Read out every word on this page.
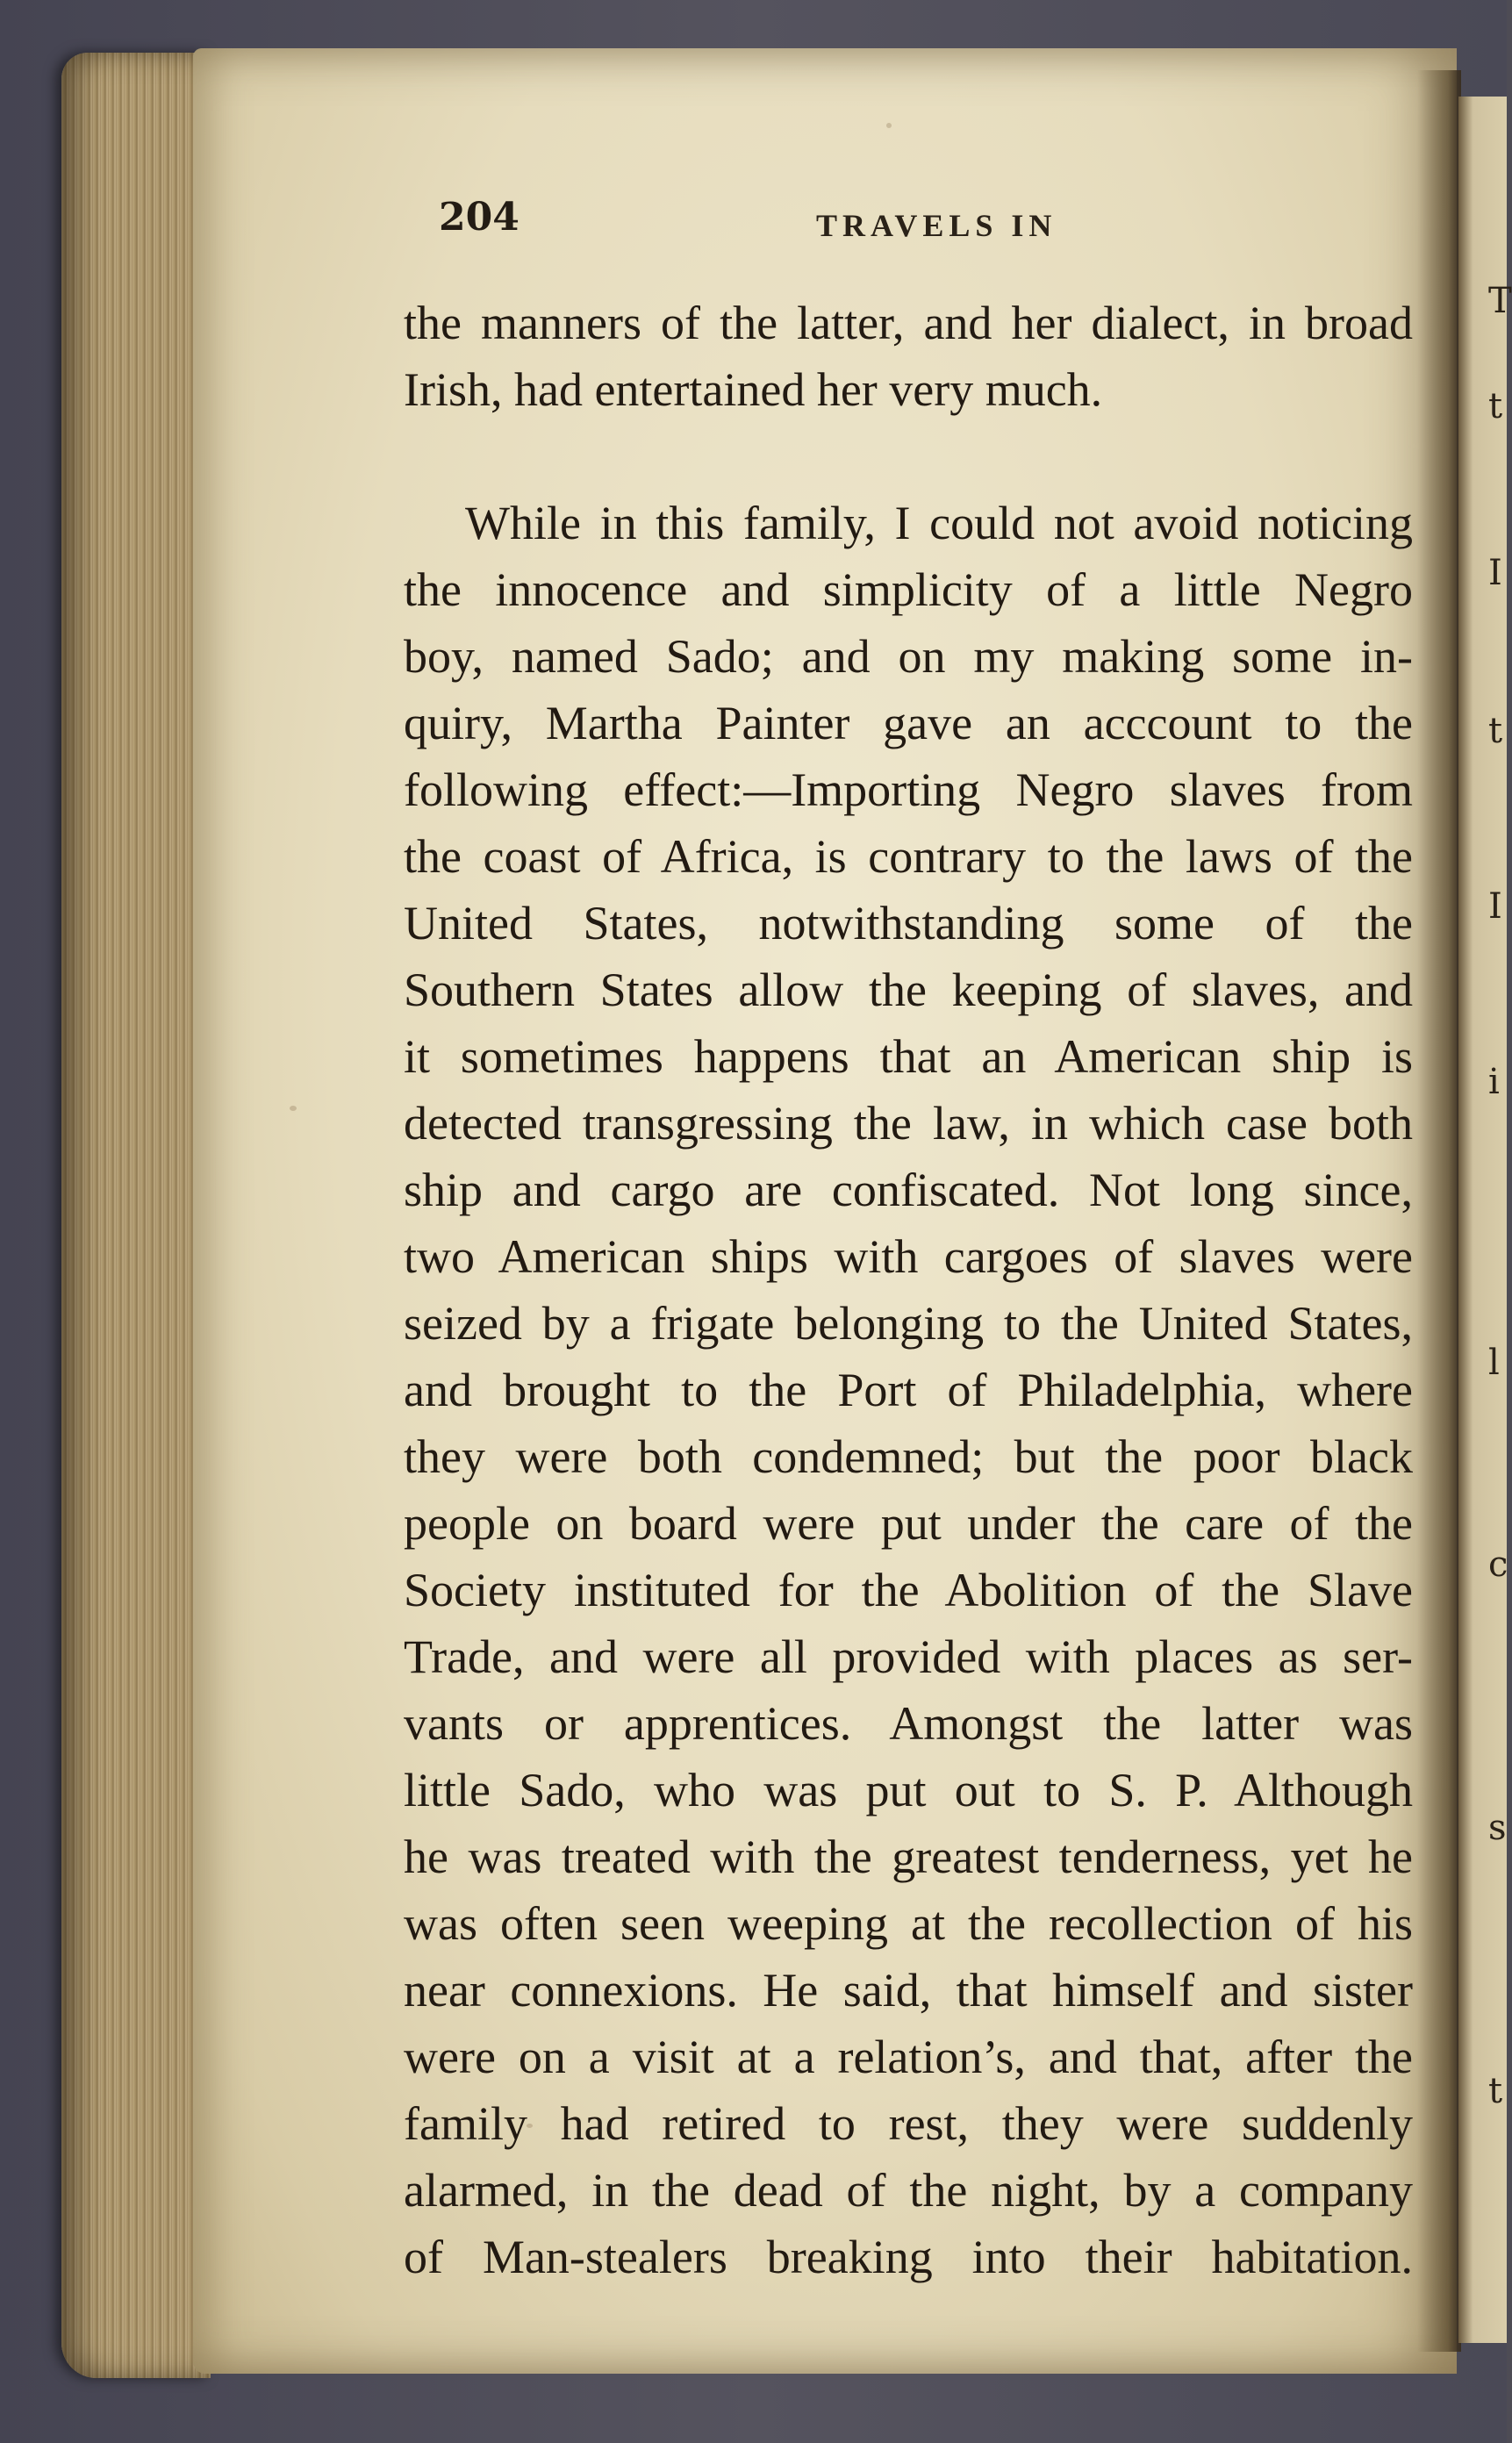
T
t
I
t
I
i
l
c
s
t
204	TRAVELS IN
the manners of the latter, and her dialect, in broad
Irish, had entertained her very much.
While in this family, I could not avoid noticing
the innocence and simplicity of a little Negro
boy, named Sado; and on my making some in-
quiry, Martha Painter gave an acccount to the
following effect:—Importing Negro slaves from
the coast of Africa, is contrary to the laws of the
United States, notwithstanding some of the
Southern States allow the keeping of slaves, and
it sometimes happens that an American ship is
detected transgressing the law, in which case both
ship and cargo are confiscated. Not long since,
two American ships with cargoes of slaves were
seized by a frigate belonging to the United States,
and brought to the Port of Philadelphia, where
they were both condemned; but the poor black
people on board were put under the care of the
Society instituted for the Abolition of the Slave
Trade, and were all provided with places as ser-
vants or apprentices. Amongst the latter was
little Sado, who was put out to S. P. Although
he was treated with the greatest tenderness, yet he
was often seen weeping at the recollection of his
near connexions. He said, that himself and sister
were on a visit at a relation’s, and that, after the
family had retired to rest, they were suddenly
alarmed, in the dead of the night, by a company
of Man-stealers breaking into their habitation.
